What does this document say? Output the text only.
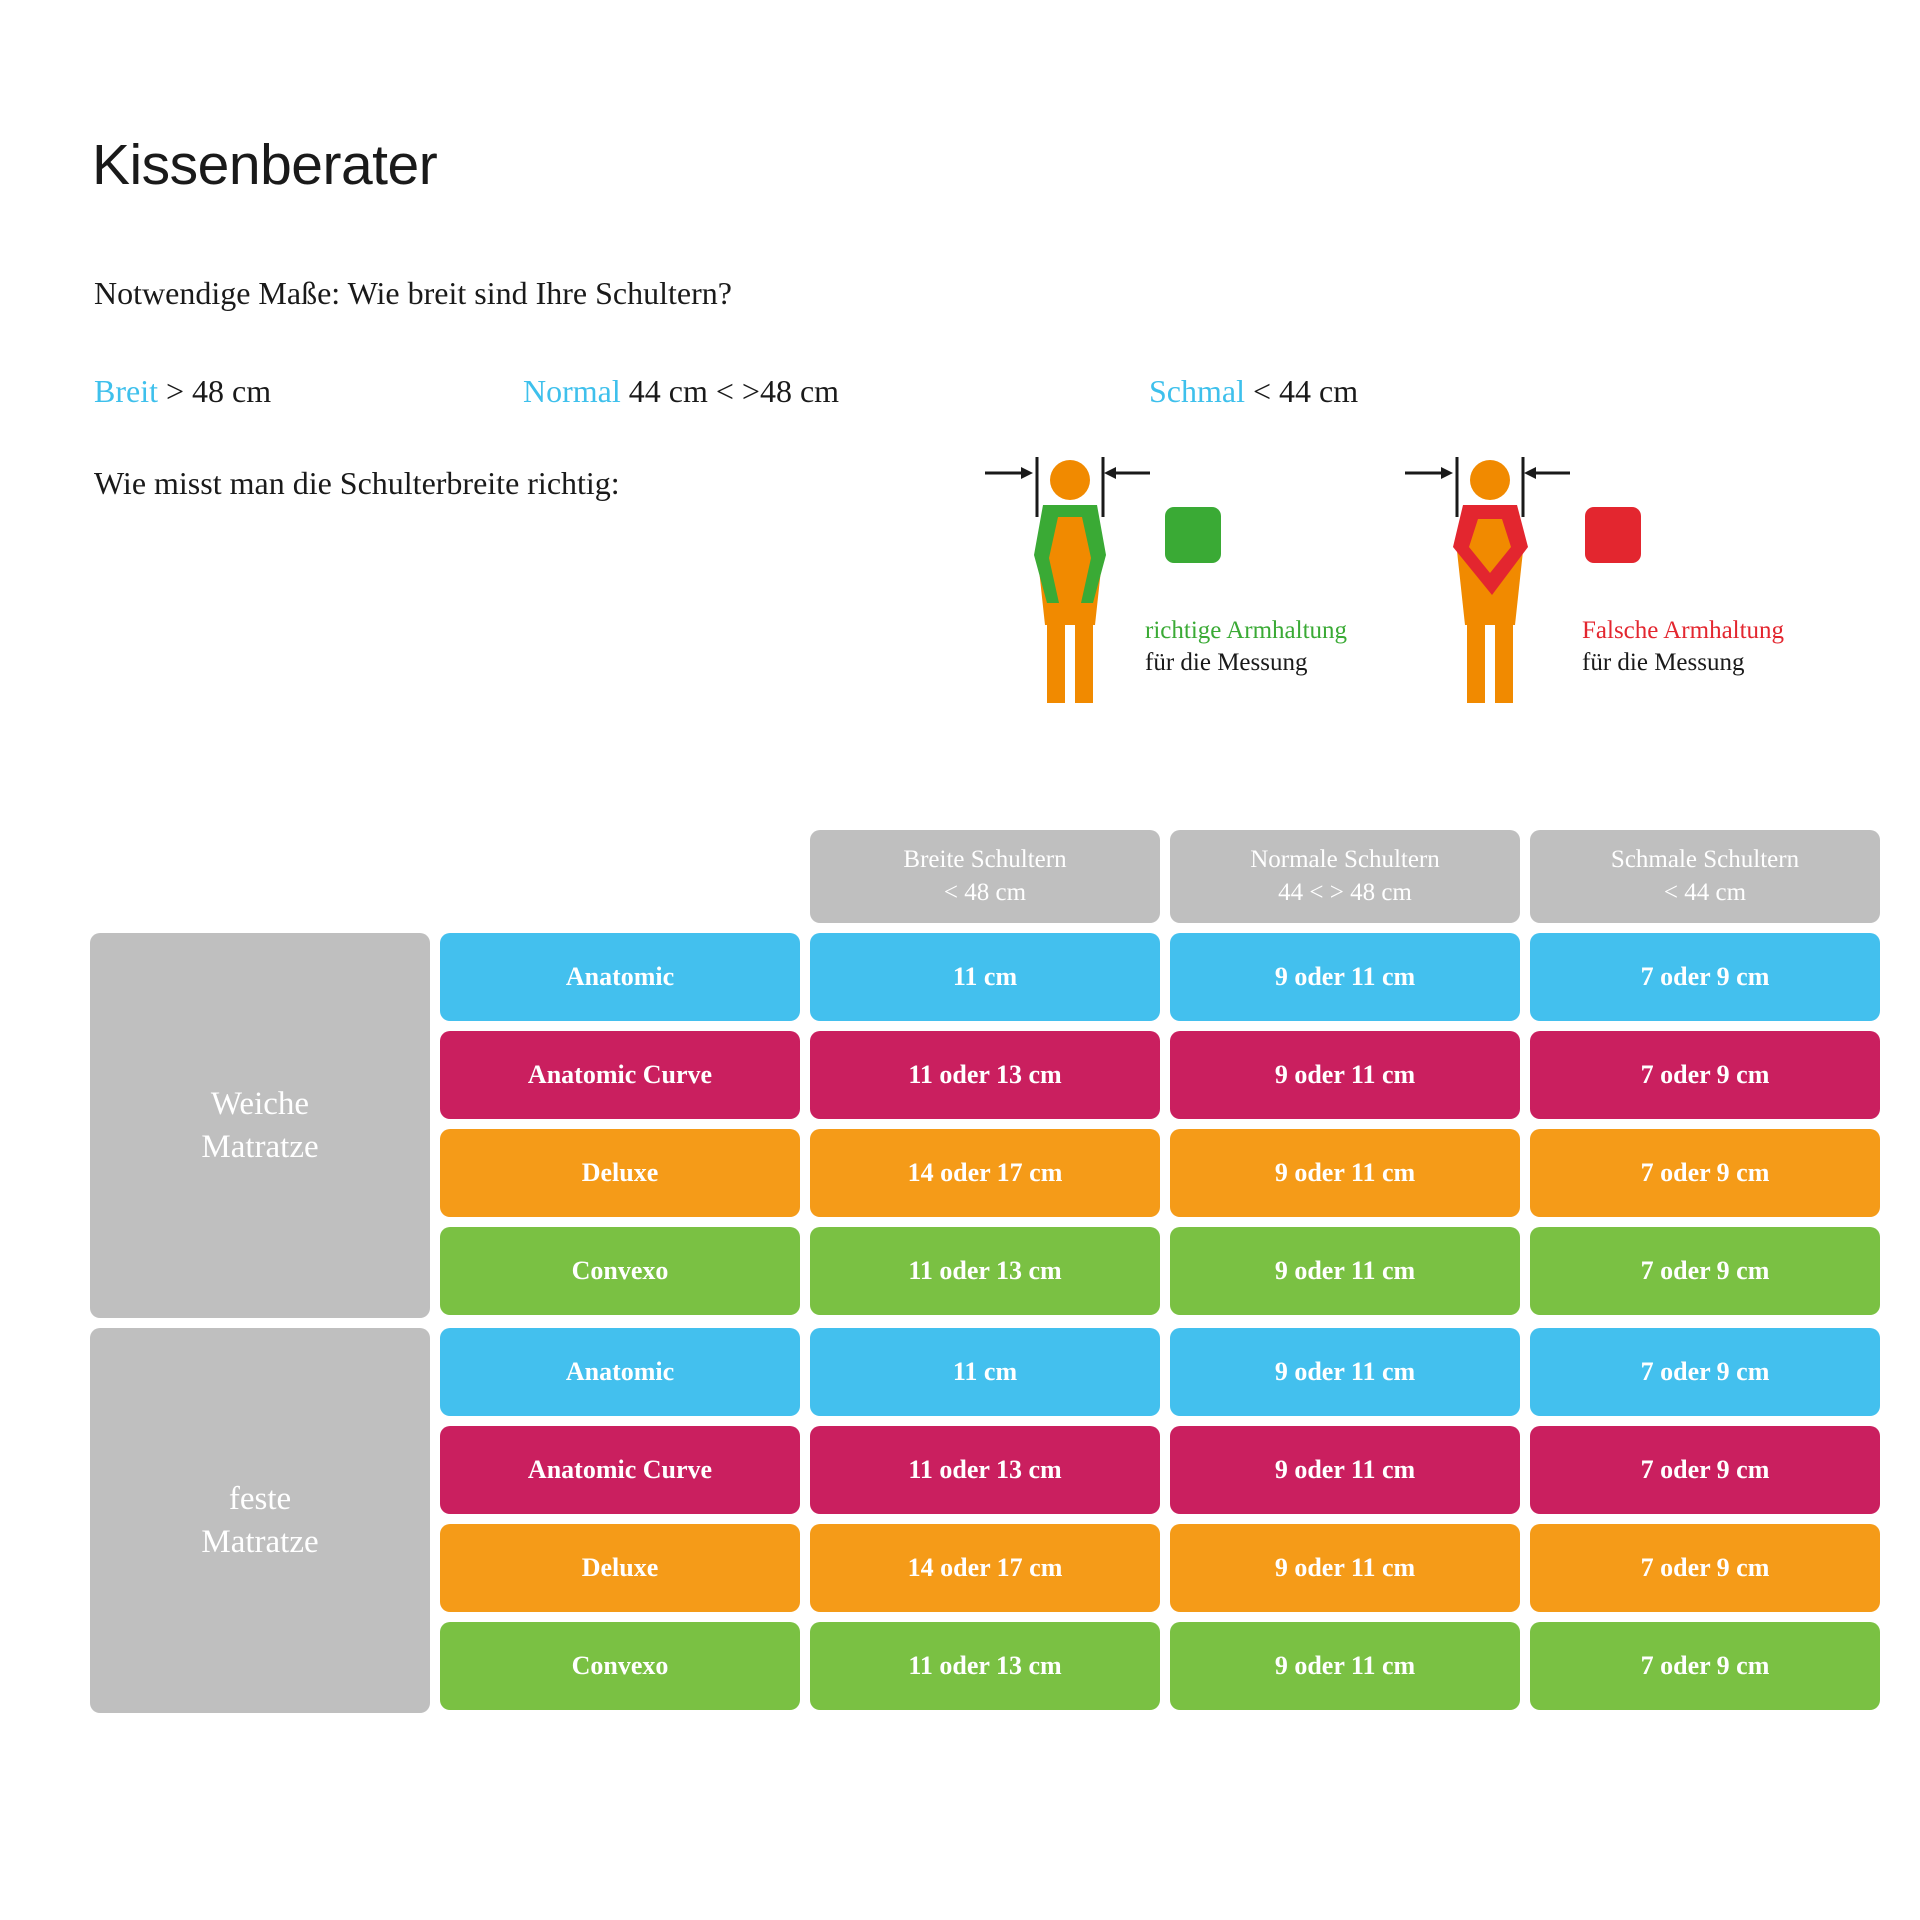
Kissenberater
Notwendige Maße: Wie breit sind Ihre Schultern?
Breit > 48 cm	Normal 44 cm < >48 cm	Schmal < 44 cm
Wie misst man die Schulterbreite richtig:
richtige Armhaltung
für die Messung
Falsche Armhaltung
für die Messung
Breite Schultern
< 48 cm
Normale Schultern
44 < > 48 cm
Schmale Schultern
< 44 cm
Weiche
Matratze
feste
Matratze
Anatomic	11 cm	9 oder 11 cm	7 oder 9 cm
Anatomic Curve	11 oder 13 cm	9 oder 11 cm	7 oder 9 cm
Deluxe	14 oder 17 cm	9 oder 11 cm	7 oder 9 cm
Convexo	11 oder 13 cm	9 oder 11 cm	7 oder 9 cm
Anatomic	11 cm	9 oder 11 cm	7 oder 9 cm
Anatomic Curve	11 oder 13 cm	9 oder 11 cm	7 oder 9 cm
Deluxe	14 oder 17 cm	9 oder 11 cm	7 oder 9 cm
Convexo	11 oder 13 cm	9 oder 11 cm	7 oder 9 cm
